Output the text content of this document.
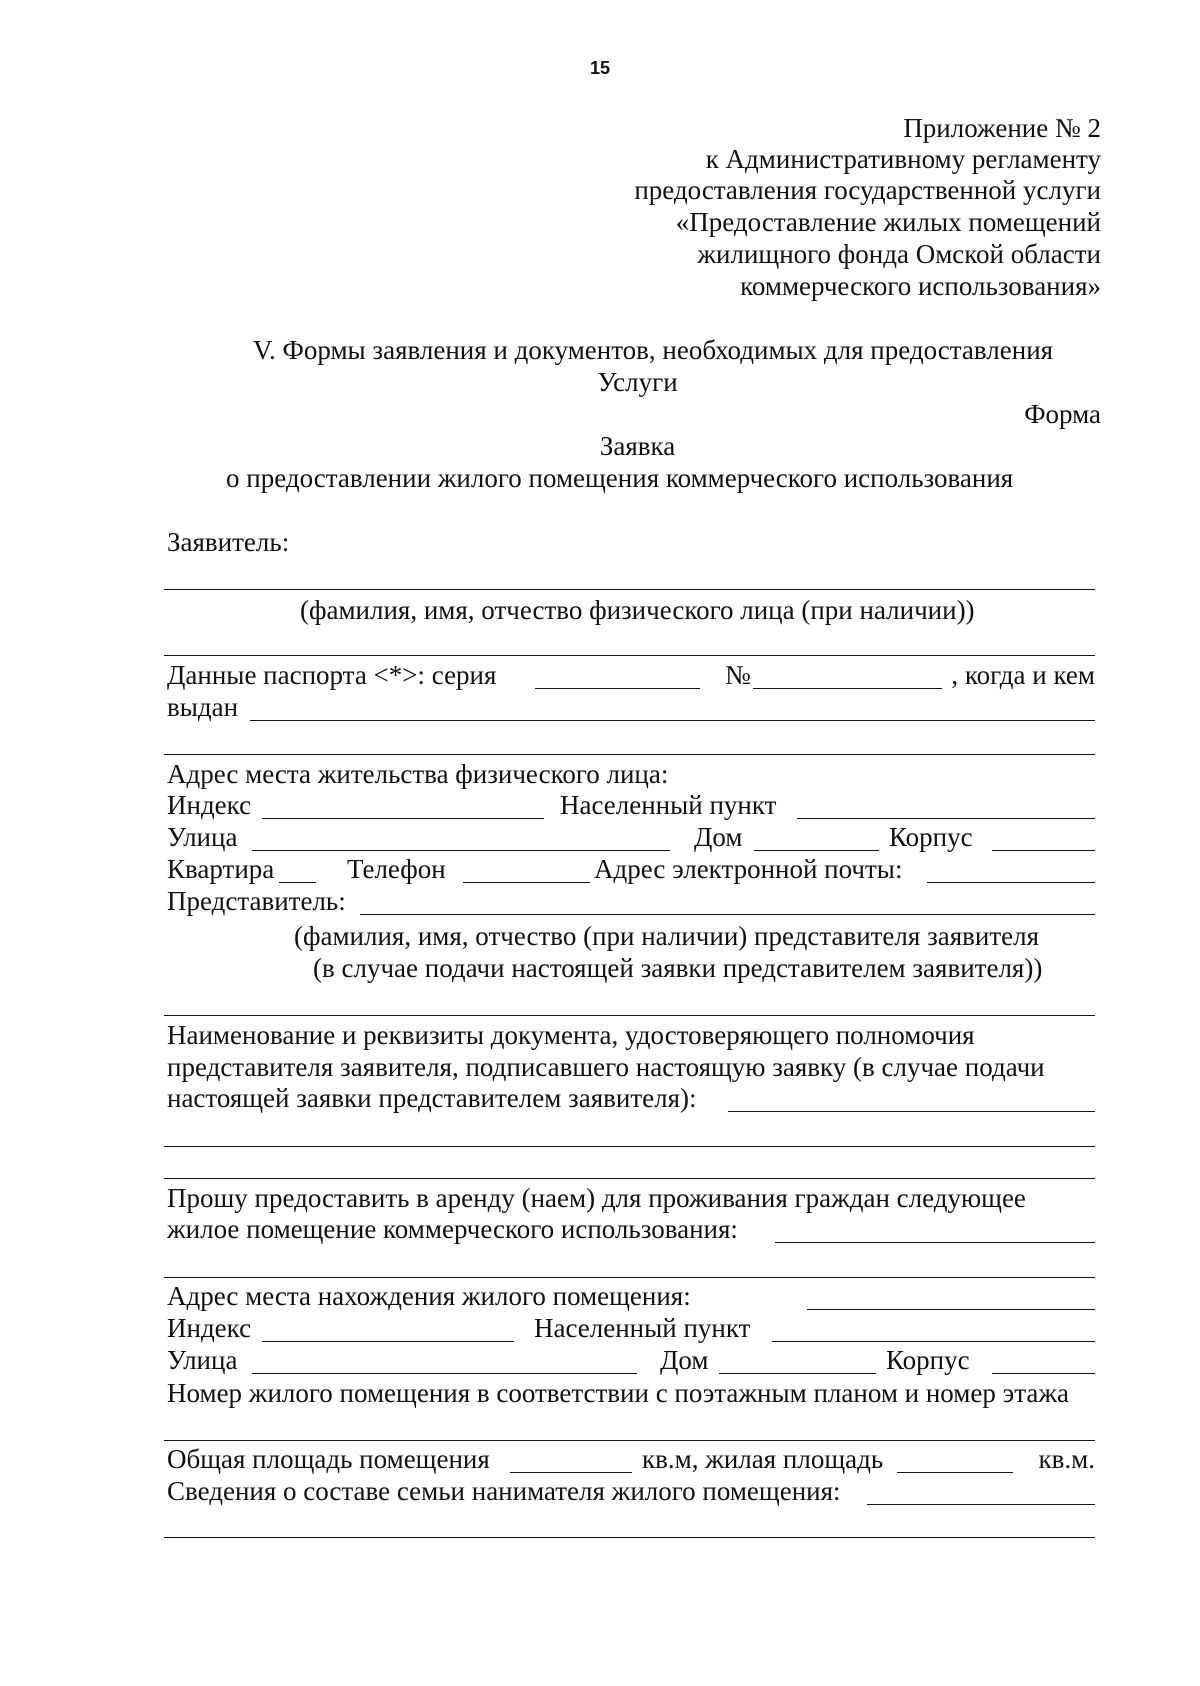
15
Приложение № 2
к Административному регламенту
предоставления государственной услуги
«Предоставление жилых помещений
жилищного фонда Омской области
коммерческого использования»
V. Формы заявления и документов, необходимых для предоставления
Услуги
Форма
Заявка
о предоставлении жилого помещения коммерческого использования
Заявитель:
(фамилия, имя, отчество физического лица (при наличии))
Данные паспорта <*>: серия	№	, когда и кем
выдан
Адрес места жительства физического лица:
Индекс	Населенный пункт
Улица	Дом	Корпус
Квартира	Телефон	Адрес электронной почты:
Представитель:
(фамилия, имя, отчество (при наличии) представителя заявителя
(в случае подачи настоящей заявки представителем заявителя))
Наименование и реквизиты документа, удостоверяющего полномочия
представителя заявителя, подписавшего настоящую заявку (в случае подачи
настоящей заявки представителем заявителя):
Прошу предоставить в аренду (наем) для проживания граждан следующее
жилое помещение коммерческого использования:
Адрес места нахождения жилого помещения:
Индекс	Населенный пункт
Улица	Дом	Корпус
Номер жилого помещения в соответствии с поэтажным планом и номер этажа
Общая площадь помещения	кв.м, жилая площадь	кв.м.
Сведения о составе семьи нанимателя жилого помещения:
